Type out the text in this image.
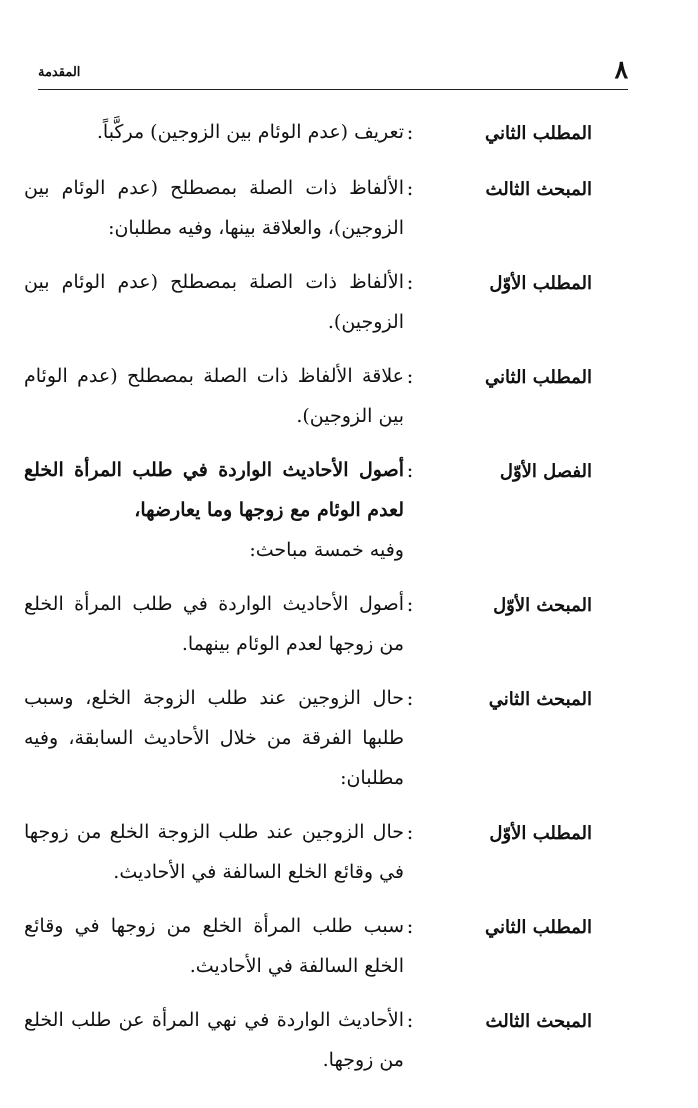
٨
المقدمة
المطلب الثاني
:
تعريف (عدم الوئام بين الزوجين) مركَّباً.
المبحث الثالث
:
الألفاظ ذات الصلة بمصطلح (عدم الوئام بين الزوجين)، والعلاقة بينها، وفيه مطلبان:
المطلب الأوّل
:
الألفاظ ذات الصلة بمصطلح (عدم الوئام بين الزوجين).
المطلب الثاني
:
علاقة الألفاظ ذات الصلة بمصطلح (عدم الوئام بين الزوجين).
الفصل الأوّل
:
أصول الأحاديث الواردة في طلب المرأة الخلع لعدم الوئام مع زوجها وما يعارضها،
وفيه خمسة مباحث:
المبحث الأوّل
:
أصول الأحاديث الواردة في طلب المرأة الخلع من زوجها لعدم الوئام بينهما.
المبحث الثاني
:
حال الزوجين عند طلب الزوجة الخلع، وسبب طلبها الفرقة من خلال الأحاديث السابقة، وفيه مطلبان:
المطلب الأوّل
:
حال الزوجين عند طلب الزوجة الخلع من زوجها في وقائع الخلع السالفة في الأحاديث.
المطلب الثاني
:
سبب طلب المرأة الخلع من زوجها في وقائع الخلع السالفة في الأحاديث.
المبحث الثالث
:
الأحاديث الواردة في نهي المرأة عن طلب الخلع من زوجها.
